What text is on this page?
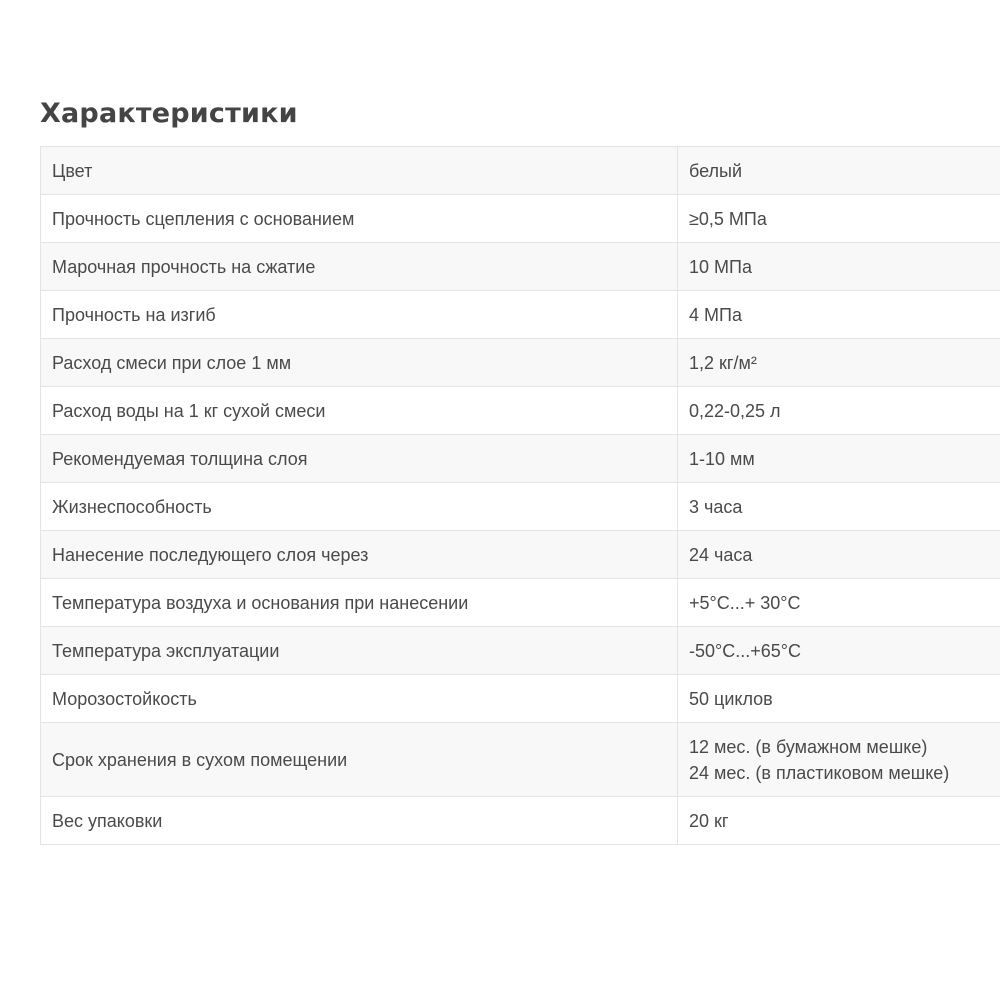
Характеристики
Цвет	белый
Прочность сцепления с основанием	≥0,5 МПа
Марочная прочность на сжатие	10 МПа
Прочность на изгиб	4 МПа
Расход смеси при слое 1 мм	1,2 кг/м²
Расход воды на 1 кг сухой смеси	0,22-0,25 л
Рекомендуемая толщина слоя	1-10 мм
Жизнеспособность	3 часа
Нанесение последующего слоя через	24 часа
Температура воздуха и основания при нанесении	+5°C...+ 30°C
Температура эксплуатации	-50°C...+65°C
Морозостойкость	50 циклов
Срок хранения в сухом помещении	12 мес. (в бумажном мешке)
24 мес. (в пластиковом мешке)

Вес упаковки	20 кг
